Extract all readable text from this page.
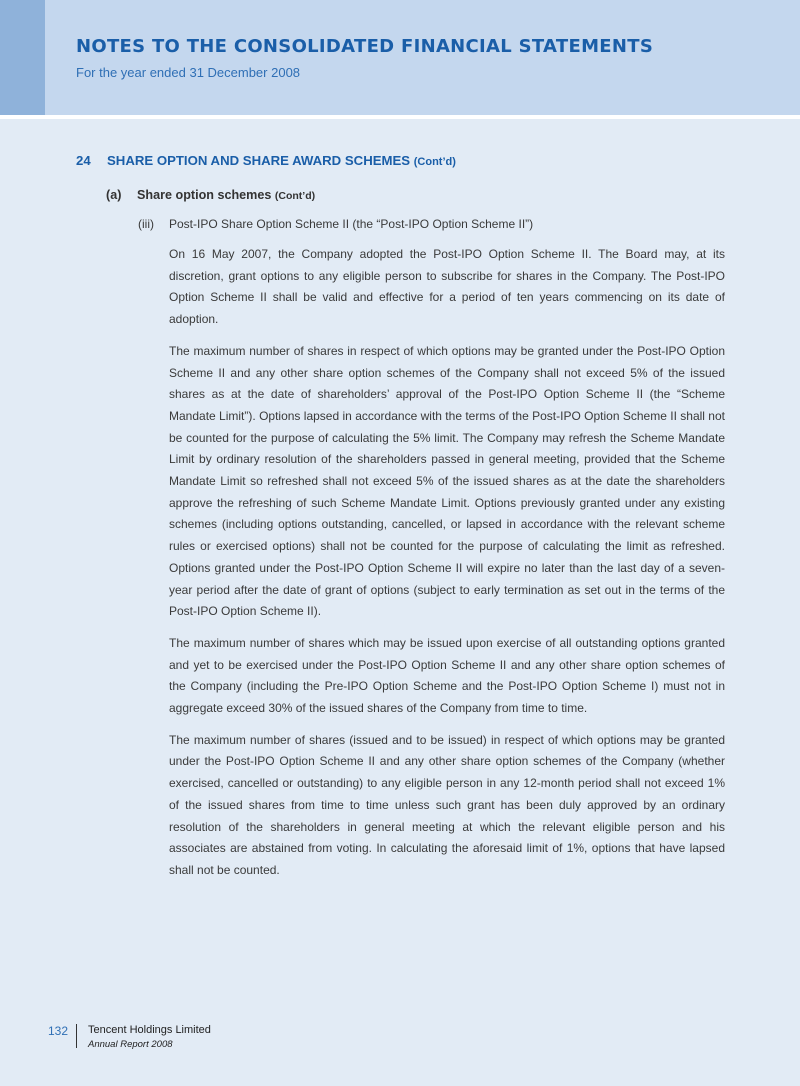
NOTES TO THE CONSOLIDATED FINANCIAL STATEMENTS
For the year ended 31 December 2008
24 SHARE OPTION AND SHARE AWARD SCHEMES (Cont’d)
(a) Share option schemes (Cont’d)
(iii) Post-IPO Share Option Scheme II (the “Post-IPO Option Scheme II”)

On 16 May 2007, the Company adopted the Post-IPO Option Scheme II. The Board may, at its discretion, grant options to any eligible person to subscribe for shares in the Company. The Post-IPO Option Scheme II shall be valid and effective for a period of ten years commencing on its date of adoption.

The maximum number of shares in respect of which options may be granted under the Post-IPO Option Scheme II and any other share option schemes of the Company shall not exceed 5% of the issued shares as at the date of shareholders’ approval of the Post-IPO Option Scheme II (the “Scheme Mandate Limit”). Options lapsed in accordance with the terms of the Post-IPO Option Scheme II shall not be counted for the purpose of calculating the 5% limit. The Company may refresh the Scheme Mandate Limit by ordinary resolution of the shareholders passed in general meeting, provided that the Scheme Mandate Limit so refreshed shall not exceed 5% of the issued shares as at the date the shareholders approve the refreshing of such Scheme Mandate Limit. Options previously granted under any existing schemes (including options outstanding, cancelled, or lapsed in accordance with the relevant scheme rules or exercised options) shall not be counted for the purpose of calculating the limit as refreshed. Options granted under the Post-IPO Option Scheme II will expire no later than the last day of a seven-year period after the date of grant of options (subject to early termination as set out in the terms of the Post-IPO Option Scheme II).

The maximum number of shares which may be issued upon exercise of all outstanding options granted and yet to be exercised under the Post-IPO Option Scheme II and any other share option schemes of the Company (including the Pre-IPO Option Scheme and the Post-IPO Option Scheme I) must not in aggregate exceed 30% of the issued shares of the Company from time to time.

The maximum number of shares (issued and to be issued) in respect of which options may be granted under the Post-IPO Option Scheme II and any other share option schemes of the Company (whether exercised, cancelled or outstanding) to any eligible person in any 12-month period shall not exceed 1% of the issued shares from time to time unless such grant has been duly approved by an ordinary resolution of the shareholders in general meeting at which the relevant eligible person and his associates are abstained from voting. In calculating the aforesaid limit of 1%, options that have lapsed shall not be counted.

132 Tencent Holdings Limited
Annual Report 2008
